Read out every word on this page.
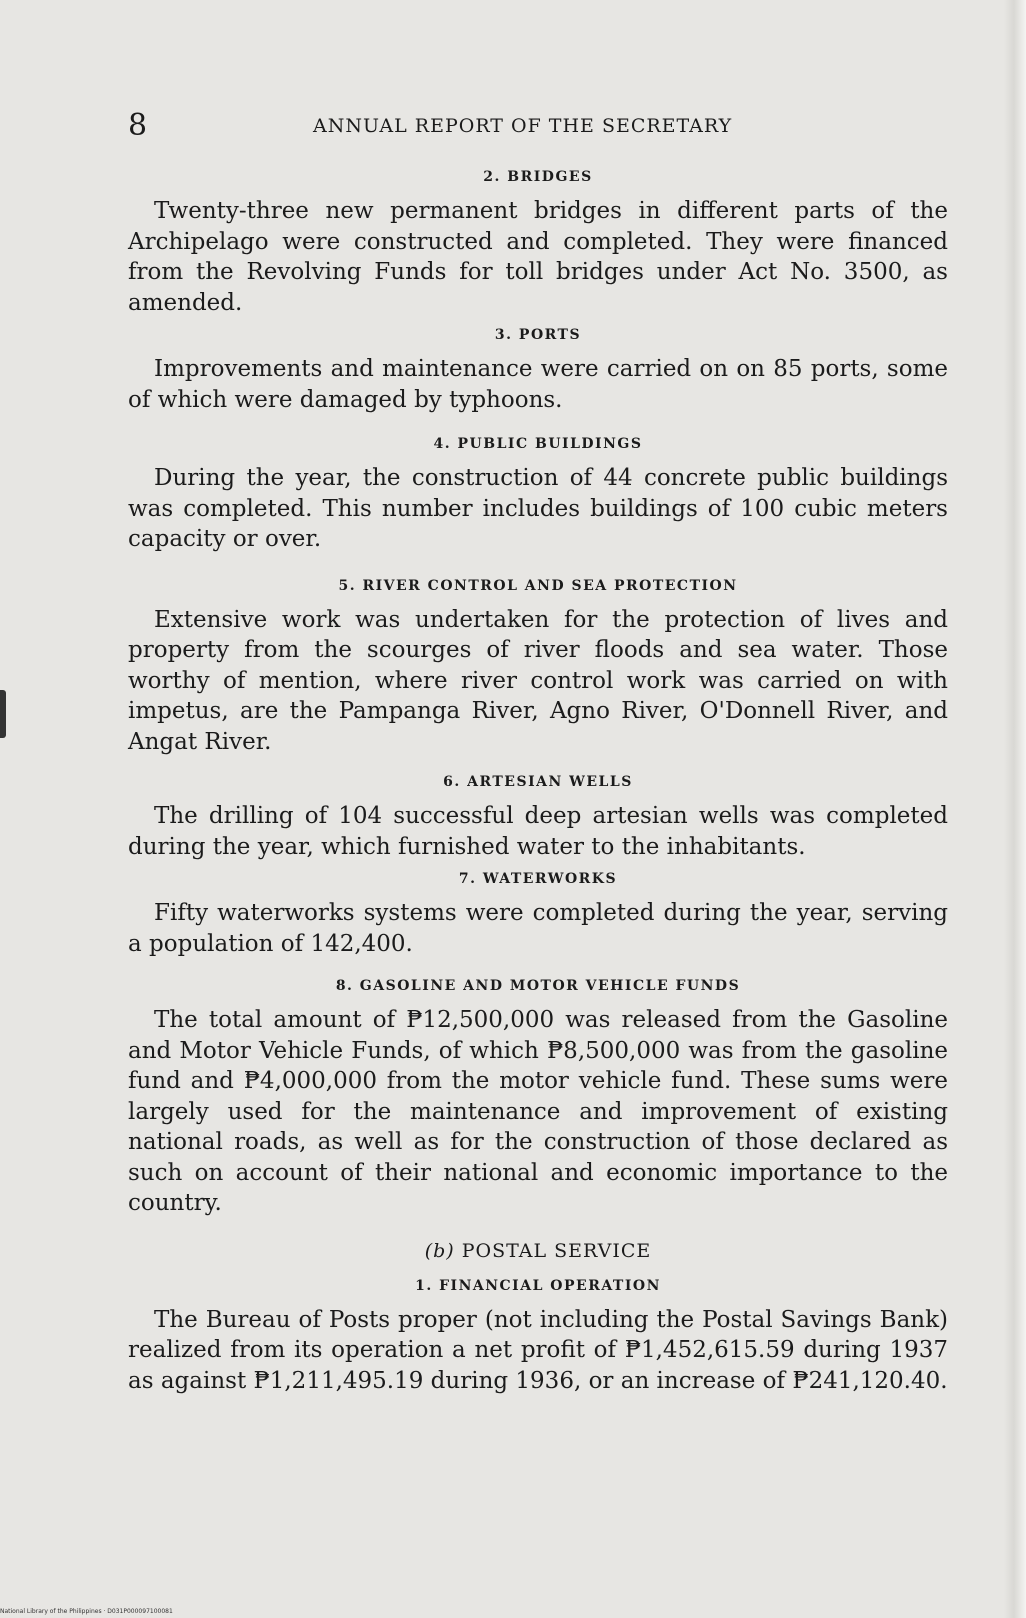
8	ANNUAL REPORT OF THE SECRETARY
2. BRIDGES

Twenty-three new permanent bridges in different parts of the Archipelago were constructed and completed. They were financed from the Revolving Funds for toll bridges under Act No. 3500, as amended.

3. PORTS

Improvements and maintenance were carried on on 85 ports, some of which were damaged by typhoons.

4. PUBLIC BUILDINGS

During the year, the construction of 44 concrete public buildings was completed. This number includes buildings of 100 cubic meters capacity or over.

5. RIVER CONTROL AND SEA PROTECTION

Extensive work was undertaken for the protection of lives and property from the scourges of river floods and sea water. Those worthy of mention, where river control work was carried on with impetus, are the Pampanga River, Agno River, O'Donnell River, and Angat River.

6. ARTESIAN WELLS

The drilling of 104 successful deep artesian wells was completed during the year, which furnished water to the inhabitants.

7. WATERWORKS

Fifty waterworks systems were completed during the year, serving a population of 142,400.

8. GASOLINE AND MOTOR VEHICLE FUNDS

The total amount of ₱12,500,000 was released from the Gasoline and Motor Vehicle Funds, of which ₱8,500,000 was from the gasoline fund and ₱4,000,000 from the motor vehicle fund. These sums were largely used for the maintenance and improvement of existing national roads, as well as for the construction of those declared as such on account of their national and economic importance to the country.

(b) POSTAL SERVICE
1. FINANCIAL OPERATION

The Bureau of Posts proper (not including the Postal Savings Bank) realized from its operation a net profit of ₱1,452,615.59 during 1937 as against ₱1,211,495.19 during 1936, or an increase of ₱241,120.40.

National Library of the Philippines · D031P000097100081
